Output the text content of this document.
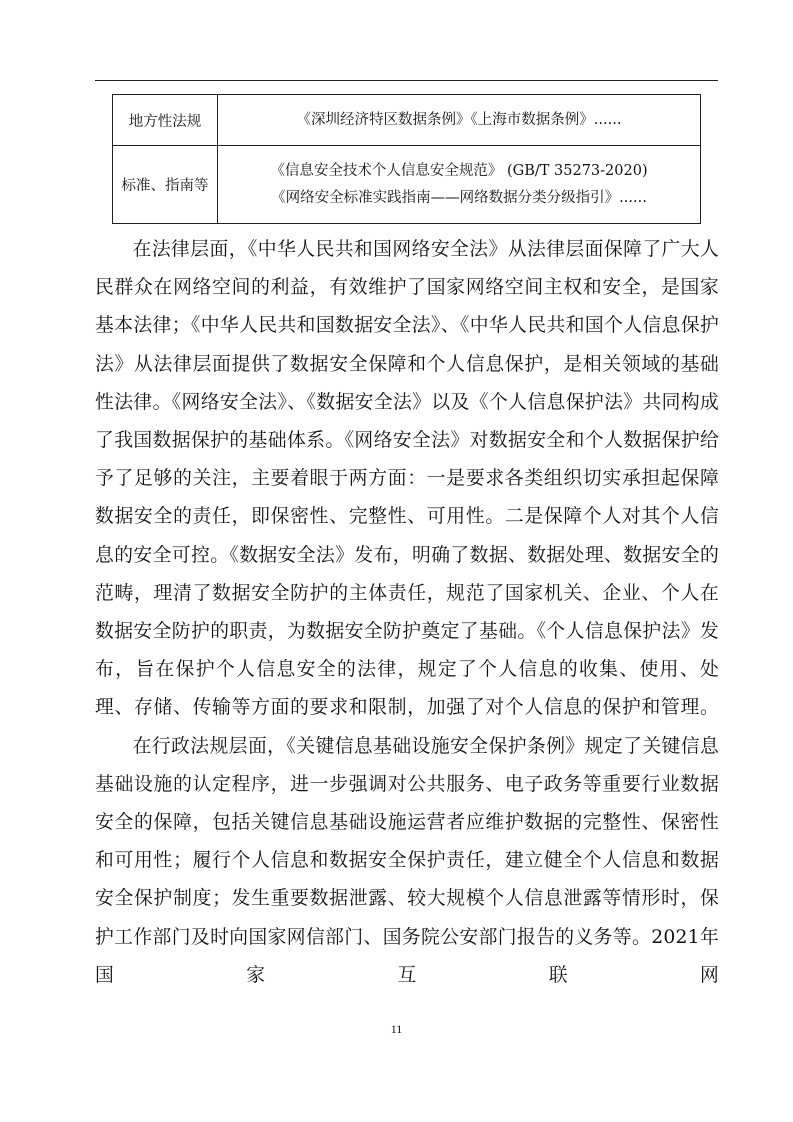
地方性法规	《深圳经济特区数据条例》《上海市数据条例》......

标准、指南等	《信息安全技术个人信息安全规范》 (GB/T 35273-2020)
《网络安全标准实践指南——网络数据分类分级指引》......

在法律层面，《中华人民共和国网络安全法》从法律层面保障了广大人民群众在网络空间的利益，有效维护了国家网络空间主权和安全，是国家基本法律；《中华人民共和国数据安全法》、《中华人民共和国个人信息保护法》从法律层面提供了数据安全保障和个人信息保护，是相关领域的基础性法律。《网络安全法》、《数据安全法》以及《个人信息保护法》共同构成了我国数据保护的基础体系。《网络安全法》对数据安全和个人数据保护给予了足够的关注，主要着眼于两方面：一是要求各类组织切实承担起保障数据安全的责任，即保密性、完整性、可用性。二是保障个人对其个人信息的安全可控。《数据安全法》发布，明确了数据、数据处理、数据安全的范畴，理清了数据安全防护的主体责任，规范了国家机关、企业、个人在数据安全防护的职责，为数据安全防护奠定了基础。《个人信息保护法》发布，旨在保护个人信息安全的法律，规定了个人信息的收集、使用、处理、存储、传输等方面的要求和限制，加强了对个人信息的保护和管理。

在行政法规层面，《关键信息基础设施安全保护条例》规定了关键信息基础设施的认定程序，进一步强调对公共服务、电子政务等重要行业数据安全的保障，包括关键信息基础设施运营者应维护数据的完整性、保密性和可用性；履行个人信息和数据安全保护责任，建立健全个人信息和数据安全保护制度；发生重要数据泄露、较大规模个人信息泄露等情形时，保护工作部门及时向国家网信部门、国务院公安部门报告的义务等。2021年国家互联网

11
